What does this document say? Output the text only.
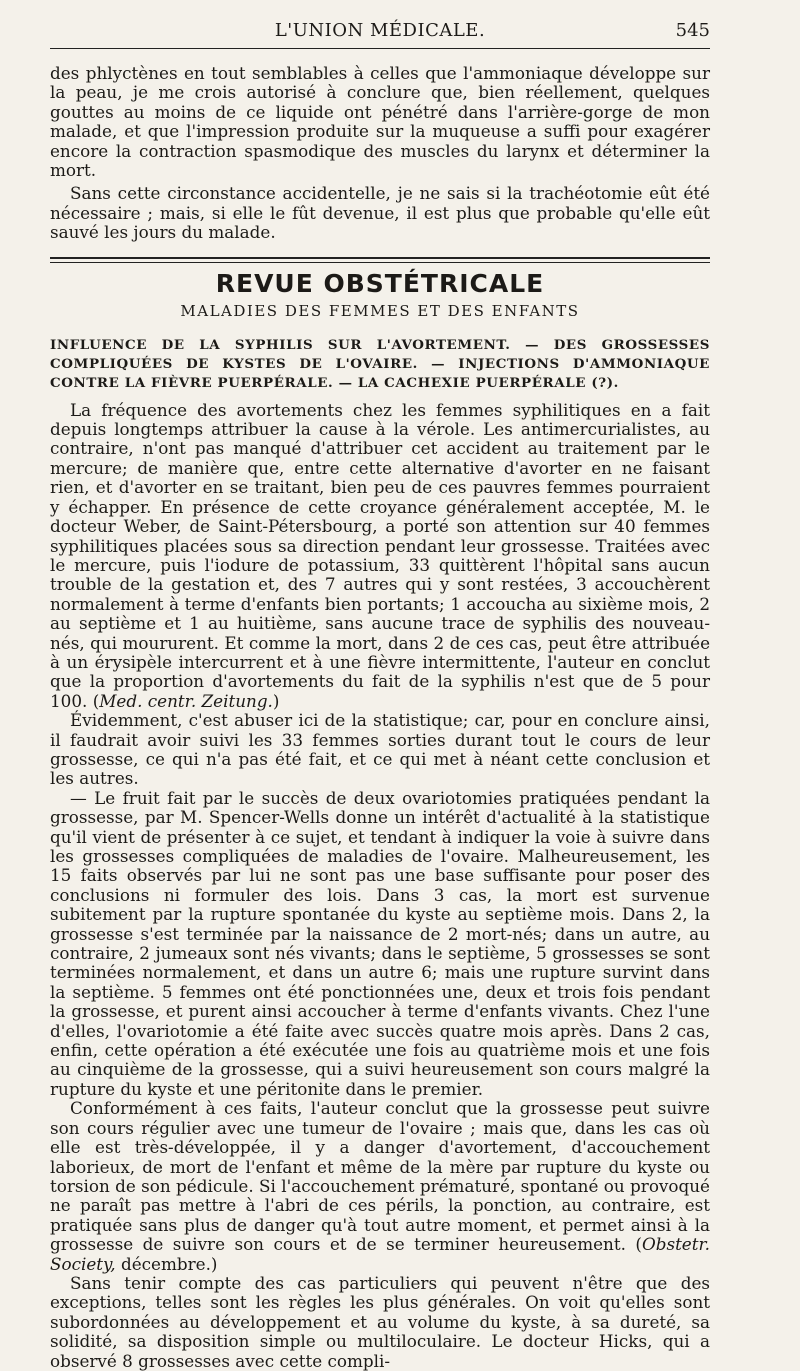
L'UNION MÉDICALE.	545

des phlyctènes en tout semblables à celles que l'ammoniaque développe sur la peau, je me crois autorisé à conclure que, bien réellement, quelques gouttes au moins de ce liquide ont pénétré dans l'arrière-gorge de mon malade, et que l'impression produite sur la muqueuse a suffi pour exagérer encore la contraction spasmodique des muscles du larynx et déterminer la mort.

Sans cette circonstance accidentelle, je ne sais si la trachéotomie eût été nécessaire ; mais, si elle le fût devenue, il est plus que probable qu'elle eût sauvé les jours du malade.

REVUE OBSTÉTRICALE
MALADIES DES FEMMES ET DES ENFANTS
INFLUENCE DE LA SYPHILIS SUR L'AVORTEMENT. — DES GROSSESSES COMPLIQUÉES DE KYSTES DE L'OVAIRE. — INJECTIONS D'AMMONIAQUE CONTRE LA FIÈVRE PUERPÉRALE. — LA CACHEXIE PUERPÉRALE (?).

La fréquence des avortements chez les femmes syphilitiques en a fait depuis longtemps attribuer la cause à la vérole. Les antimercurialistes, au contraire, n'ont pas manqué d'attribuer cet accident au traitement par le mercure; de manière que, entre cette alternative d'avorter en ne faisant rien, et d'avorter en se traitant, bien peu de ces pauvres femmes pourraient y échapper. En présence de cette croyance généralement acceptée, M. le docteur Weber, de Saint-Pétersbourg, a porté son attention sur 40 femmes syphilitiques placées sous sa direction pendant leur grossesse. Traitées avec le mercure, puis l'iodure de potassium, 33 quittèrent l'hôpital sans aucun trouble de la gestation et, des 7 autres qui y sont restées, 3 accouchèrent normalement à terme d'enfants bien portants; 1 accoucha au sixième mois, 2 au septième et 1 au huitième, sans aucune trace de syphilis des nouveau-nés, qui moururent. Et comme la mort, dans 2 de ces cas, peut être attribuée à un érysipèle intercurrent et à une fièvre intermittente, l'auteur en conclut que la proportion d'avortements du fait de la syphilis n'est que de 5 pour 100. (Med. centr. Zeitung.)

Évidemment, c'est abuser ici de la statistique; car, pour en conclure ainsi, il faudrait avoir suivi les 33 femmes sorties durant tout le cours de leur grossesse, ce qui n'a pas été fait, et ce qui met à néant cette conclusion et les autres.

— Le fruit fait par le succès de deux ovariotomies pratiquées pendant la grossesse, par M. Spencer-Wells donne un intérêt d'actualité à la statistique qu'il vient de présenter à ce sujet, et tendant à indiquer la voie à suivre dans les grossesses compliquées de maladies de l'ovaire. Malheureusement, les 15 faits observés par lui ne sont pas une base suffisante pour poser des conclusions ni formuler des lois. Dans 3 cas, la mort est survenue subitement par la rupture spontanée du kyste au septième mois. Dans 2, la grossesse s'est terminée par la naissance de 2 mort-nés; dans un autre, au contraire, 2 jumeaux sont nés vivants; dans le septième, 5 grossesses se sont terminées normalement, et dans un autre 6; mais une rupture survint dans la septième. 5 femmes ont été ponctionnées une, deux et trois fois pendant la grossesse, et purent ainsi accoucher à terme d'enfants vivants. Chez l'une d'elles, l'ovariotomie a été faite avec succès quatre mois après. Dans 2 cas, enfin, cette opération a été exécutée une fois au quatrième mois et une fois au cinquième de la grossesse, qui a suivi heureusement son cours malgré la rupture du kyste et une péritonite dans le premier.

Conformément à ces faits, l'auteur conclut que la grossesse peut suivre son cours régulier avec une tumeur de l'ovaire ; mais que, dans les cas où elle est très-développée, il y a danger d'avortement, d'accouchement laborieux, de mort de l'enfant et même de la mère par rupture du kyste ou torsion de son pédicule. Si l'accouchement prématuré, spontané ou provoqué ne paraît pas mettre à l'abri de ces périls, la ponction, au contraire, est pratiquée sans plus de danger qu'à tout autre moment, et permet ainsi à la grossesse de suivre son cours et de se terminer heureusement. (Obstetr. Society, décembre.)

Sans tenir compte des cas particuliers qui peuvent n'être que des exceptions, telles sont les règles les plus générales. On voit qu'elles sont subordonnées au développement et au volume du kyste, à sa dureté, sa solidité, sa disposition simple ou multiloculaire. Le docteur Hicks, qui a observé 8 grossesses avec cette compli-
